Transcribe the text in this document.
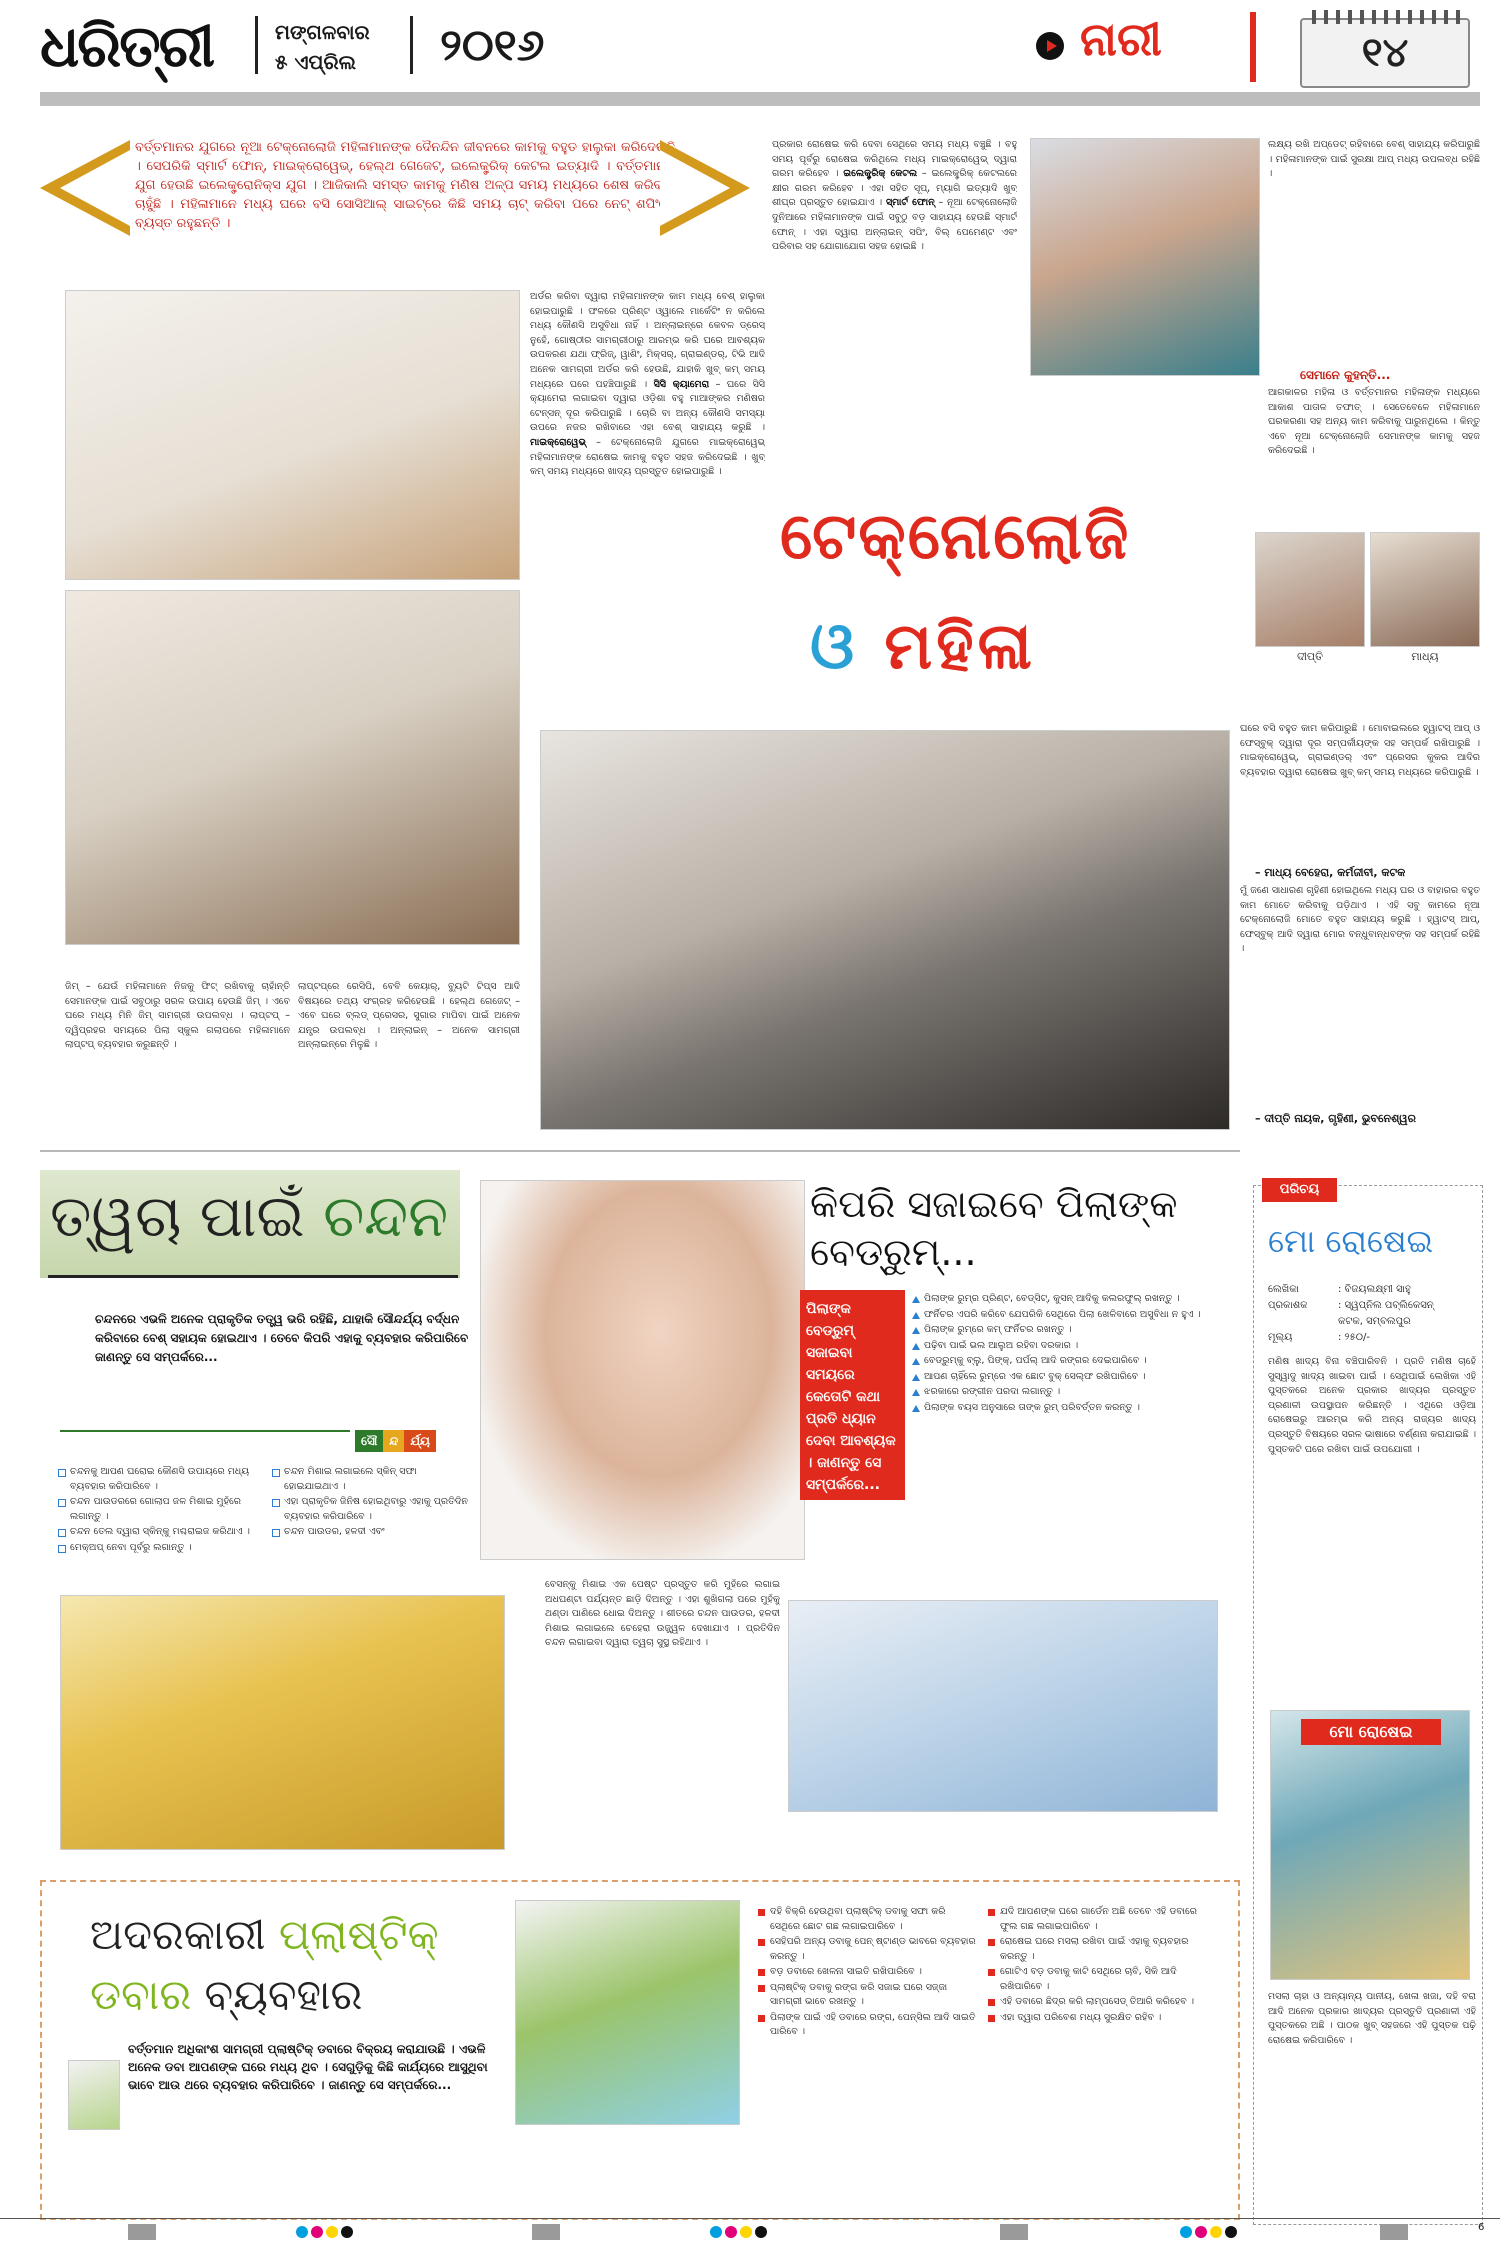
ଧରିତ୍ରୀ	ମଙ୍ଗଳବାର
୫ ଏପ୍ରିଲ ୨୦୧୬	ନାରୀ	୧୪
ବର୍ତ୍ତମାନର ଯୁଗରେ ନୂଆ ଟେକ୍ନୋଲୋଜି ମହିଳାମାନଙ୍କ ଦୈନନ୍ଦିନ ଜୀବନରେ କାମକୁ ବହୁତ ହାଲୁକା କରିଦେଉଛି । ସେପରିକି ସ୍ମାର୍ଟ ଫୋନ୍, ମାଇକ୍ରୋୱେଭ୍, ହେଲ୍ଥ ଗେଜେଟ୍, ଇଲେକ୍ଟ୍ରିକ୍ କେଟଲ ଇତ୍ୟାଦି । ବର୍ତ୍ତମାନର ଯୁଗ ହେଉଛି ଇଲେକ୍ଟ୍ରୋନିକ୍ସ ଯୁଗ । ଆଜିକାଲି ସମସ୍ତ କାମକୁ ମଣିଷ ଅଳ୍ପ ସମୟ ମଧ୍ୟରେ ଶେଷ କରିବାକୁ ଚାହୁଁଛି । ମହିଳାମାନେ ମଧ୍ୟ ଘରେ ବସି ସୋସିଆଲ୍ ସାଇଟ୍‌ରେ କିଛି ସମୟ ଚାଟ୍ କରିବା ପରେ ନେଟ୍ ଶପିଂରେ ବ୍ୟସ୍ତ ରହୁଛନ୍ତି ।
ଅର୍ଡର କରିବା ଦ୍ୱାରା ମହିଳାମାନଙ୍କ କାମ ମଧ୍ୟ ବେଶ୍ ହାଲୁକା ହୋଇପାରୁଛି । ଫଳରେ ପ୍ରିଣ୍ଟ ଓ୍ୱାଲେ ମାର୍କେଟିଂ ନ କରିଲେ ମଧ୍ୟ କୌଣସି ଅସୁବିଧା ନାହିଁ । ଅନ୍‌ଲାଇନ୍‌ରେ କେବଳ ଡ୍ରେସ୍ ନୁହେଁ, ଗୋଷ୍ଠୀର ସାମଗ୍ରୀଠାରୁ ଆରମ୍ଭ କରି ଘରେ ଆବଶ୍ୟକ ଉପକରଣ ଯଥା ଫ୍ରିଜ୍, ୱାଶିଂ, ମିକ୍ସ‌ର୍, ଗ୍ରାଇଣ୍ଡର୍, ଟିଭି ଆଦି ଅନେକ ସାମଗ୍ରୀ ଅର୍ଡର କରି ହେଉଛି, ଯାହାକି ଖୁବ୍ କମ୍ ସମୟ ମଧ୍ୟରେ ଘରେ ପହଞ୍ଚିପାରୁଛି । ସିସି କ୍ୟାମେରା – ଘରେ ସିସି କ୍ୟାମେରା ଲଗାଇବା ଦ୍ୱାରା ଓଡ଼ିଶା ବହୁ ମାଆଙ୍କର ମଣିଷର ଟେନ୍‌ସନ୍ ଦୂର କରିପାରୁଛି । ଚୋରି ବା ଅନ୍ୟ କୌଣସି ସମସ୍ୟା ଉପରେ ନଜର ରଖିବାରେ ଏହା ବେଶ୍ ସାହାଯ୍ୟ କରୁଛି । ମାଇକ୍ରୋୱେଭ୍ – ଟେକ୍ନୋଲୋଜି ଯୁଗରେ ମାଇକ୍ରୋୱେଭ୍ ମହିଳାମାନଙ୍କ ରୋଷେଇ କାମକୁ ବହୁତ ସହଜ କରିଦେଇଛି । ଖୁବ୍ କମ୍ ସମୟ ମଧ୍ୟରେ ଖାଦ୍ୟ ପ୍ରସ୍ତୁତ ହୋଇପାରୁଛି ।
ପ୍ରକାର ରୋଷେଇ କରି ଦେବା ସେଥିରେ ସମୟ ମଧ୍ୟ ବଞ୍ଚୁଛି । ବହୁ ସମୟ ପୂର୍ବରୁ ରୋଷେଇ କରିଥିଲେ ମଧ୍ୟ ମାଇକ୍ରୋୱେଭ୍ ଦ୍ୱାରା ଗରମ କରିହେବ । ଇଲେକ୍ଟ୍ରିକ୍ କେଟଲ – ଇଲେକ୍ଟ୍ରିକ୍ କେଟଲରେ କ୍ଷୀର ଗରମ କରିହେବ । ଏହା ସହିତ ସୂପ୍, ମ୍ୟାଗି ଇତ୍ୟାଦି ଖୁବ୍ ଶୀଘ୍ର ପ୍ରସ୍ତୁତ ହୋଇଯାଏ । ସ୍ମାର୍ଟ ଫୋନ୍ – ନୂଆ ଟେକ୍ନୋଲୋଜି ଦୁନିଆରେ ମହିଳାମାନଙ୍କ ପାଇଁ ସବୁଠୁ ବଡ଼ ସାହାଯ୍ୟ ହେଉଛି ସ୍ମାର୍ଟ ଫୋନ୍ । ଏହା ଦ୍ୱାରା ଅନ୍‌ଲାଇନ୍ ସପିଂ, ବିଲ୍ ପେମେଣ୍ଟ ଏବଂ ପରିବାର ସହ ଯୋଗାଯୋଗ ସହଜ ହୋଇଛି ।
ଲକ୍ଷ୍ୟ ରଖି ଅପ୍‌ଡେଟ୍ ରହିବାରେ ବେଶ୍ ସାହାଯ୍ୟ କରିପାରୁଛି । ମହିଳାମାନଙ୍କ ପାଇଁ ସୁରକ୍ଷା ଆପ୍ ମଧ୍ୟ ଉପଲବ୍ଧ ରହିଛି ।
ସେମାନେ କୁହନ୍ତି...
ଆଗକାଳର ମହିଳା ଓ ବର୍ତ୍ତମାନର ମହିଳାଙ୍କ ମଧ୍ୟରେ ଆକାଶ ପାତାଳ ତଫାତ୍ । ସେତେବେଳେ ମହିଳାମାନେ ଘରକରଣା ସହ ଅନ୍ୟ କାମ କରିବାକୁ ପାରୁନଥିଲେ । କିନ୍ତୁ ଏବେ ନୂଆ ଟେକ୍ନୋଲୋଜି ସେମାନଙ୍କ କାମକୁ ସହଜ କରିଦେଇଛି ।
ଦୀପ୍ତି	ମାଧ୍ୟ
ଟେକ୍ନୋଲୋଜି
ଓ ମହିଳା
ଘରେ ବସି ବହୁତ କାମ କରିପାରୁଛି । ମୋବାଇଲରେ ହ୍ୱାଟସ୍ ଆପ୍ ଓ ଫେସ୍‌ବୁକ୍ ଦ୍ୱାରା ଦୂର ସମ୍ପର୍କୀୟଙ୍କ ସହ ସମ୍ପର୍କ ରଖିପାରୁଛି । ମାଇକ୍ରୋୱେଭ୍, ଗ୍ରାଇଣ୍ଡର୍ ଏବଂ ପ୍ରେସର କୁକର ଆଦିର ବ୍ୟବହାର ଦ୍ୱାରା ରୋଷେଇ ଖୁବ୍ କମ୍ ସମୟ ମଧ୍ୟରେ କରିପାରୁଛି ।
– ମାଧ୍ୟ ବେହେରା, କର୍ମଜୀବୀ, କଟକ
ମୁଁ ଜଣେ ସାଧାରଣ ଗୃହିଣୀ ହୋଇଥିଲେ ମଧ୍ୟ ଘର ଓ ବାହାରର ବହୁତ କାମ ମୋତେ କରିବାକୁ ପଡ଼ିଥାଏ । ଏହି ସବୁ କାମରେ ନୂଆ ଟେକ୍ନୋଲୋଜି ମୋତେ ବହୁତ ସାହାଯ୍ୟ କରୁଛି । ହ୍ୱାଟସ୍ ଆପ୍, ଫେସ୍‌ବୁକ୍ ଆଦି ଦ୍ୱାରା ମୋର ବନ୍ଧୁବାନ୍ଧବଙ୍କ ସହ ସମ୍ପର୍କ ରହିଛି ।
– ଦୀପ୍ତି ନାୟକ, ଗୃହିଣୀ, ଭୁବନେଶ୍ୱର
ଜିମ୍ – ଯେଉଁ ମହିଳାମାନେ ନିଜକୁ ଫିଟ୍ ରଖିବାକୁ ଚାହାଁନ୍ତି ସେମାନଙ୍କ ପାଇଁ ସବୁଠାରୁ ସରଳ ଉପାୟ ହେଉଛି ଜିମ୍ । ଏବେ ଘରେ ମଧ୍ୟ ମିନି ଜିମ୍ ସାମଗ୍ରୀ ଉପଲବ୍ଧ । ଲାପ୍‌ଟପ୍ – ଦ୍ୱିପ୍ରହର ସମୟରେ ପିଲା ସ୍କୁଲ ଗଲାପରେ ମହିଳାମାନେ ଲାପ୍‌ଟପ୍ ବ୍ୟବହାର କରୁଛନ୍ତି ।
ଲାପ୍‌ଟପ୍‌ରେ ରେସିପି, ବେବି କେୟାର୍, ବ୍ୟୁଟି ଟିପ୍ସ ଆଦି ବିଷୟରେ ତଥ୍ୟ ସଂଗ୍ରହ କରିହେଉଛି । ହେଲ୍ଥ ଗେଜେଟ୍ – ଏବେ ଘରେ ବ୍ଲଡ୍ ପ୍ରେସର, ସୁଗାର ମାପିବା ପାଇଁ ଅନେକ ଯନ୍ତ୍ର ଉପଲବ୍ଧ । ଅନ୍‌ଲାଇନ୍ – ଅନେକ ସାମଗ୍ରୀ ଅନ୍‌ଲାଇନ୍‌ରେ ମିଳୁଛି ।
ତ୍ୱଚା ପାଇଁ ଚନ୍ଦନ
ଚନ୍ଦନରେ ଏଭଳି ଅନେକ ପ୍ରାକୃତିକ ତତ୍ତ୍ୱ ଭରି ରହିଛି, ଯାହାକି ସୌନ୍ଦର୍ଯ୍ୟ ବର୍ଦ୍ଧନ କରିବାରେ ବେଶ୍ ସହାୟକ ହୋଇଥାଏ । ତେବେ କିପରି ଏହାକୁ ବ୍ୟବହାର କରିପାରିବେ ଜାଣନ୍ତୁ ସେ ସମ୍ପର୍କରେ...
ସୌ	ନ୍ଦ	ର୍ଯ୍ୟ
ଚନ୍ଦନକୁ ଆପଣ ଘରୋଇ କୌଣସି ଉପାୟରେ ମଧ୍ୟ ବ୍ୟବହାର କରିପାରିବେ ।
ଚନ୍ଦନ ପାଉଡରରେ ଗୋଲାପ ଜଳ ମିଶାଇ ମୁହଁରେ ଲଗାନ୍ତୁ ।
ଚନ୍ଦନ ତେଲ ଦ୍ୱାରା ସ୍କିନ୍‌କୁ ମଶ୍ଚରାଇଜ କରିଥାଏ ।
ମେକ୍‌ଅପ୍ ନେବା ପୂର୍ବରୁ ଲଗାନ୍ତୁ ।
ଚନ୍ଦନ ମିଶାଇ ଲଗାଇଲେ ସ୍କିନ୍ ସଫା ହୋଇଯାଇଥାଏ ।
ଏହା ପ୍ରାକୃତିକ ଜିନିଷ ହୋଇଥିବାରୁ ଏହାକୁ ପ୍ରତିଦିନ ବ୍ୟବହାର କରିପାରିବେ ।
ଚନ୍ଦନ ପାଉଡର, ହଳଦୀ ଏବଂ
ବେସନ୍‌କୁ ମିଶାଇ ଏକ ପେଷ୍ଟ ପ୍ରସ୍ତୁତ କରି ମୁହଁରେ ଲଗାଇ ଅଧଘଣ୍ଟା ପର୍ଯ୍ୟନ୍ତ ଛାଡ଼ି ଦିଅନ୍ତୁ । ଏହା ଶୁଖିଗଲା ପରେ ମୁହଁକୁ ଥଣ୍ଡା ପାଣିରେ ଧୋଇ ଦିଅନ୍ତୁ । ଶୀତରେ ଚନ୍ଦନ ପାଉଡର, ହଳଦୀ ମିଶାଇ ଲଗାଇଲେ ଚେହେରା ଉଜ୍ଜ୍ୱଳ ଦେଖାଯାଏ । ପ୍ରତିଦିନ ଚନ୍ଦନ ଲଗାଇବା ଦ୍ୱାରା ତ୍ୱଚା ସୁସ୍ଥ ରହିଥାଏ ।
କିପରି ସଜାଇବେ ପିଲାଙ୍କ ବେଡ୍‌ରୁମ୍...
ପିଲାଙ୍କ ବେଡ୍‌ରୁମ୍ ସଜାଇବା ସମୟରେ କେତୋଟି କଥା ପ୍ରତି ଧ୍ୟାନ ଦେବା ଆବଶ୍ୟକ । ଜାଣନ୍ତୁ ସେ ସମ୍ପର୍କରେ...
ପିଲାଙ୍କ ରୁମ୍‌ର ପ୍ରିଣ୍ଟ, ବେଡ୍‌ସିଟ୍, କୁସନ୍ ଆଦିକୁ କଲରଫୁଲ୍ ରଖନ୍ତୁ ।
ଫର୍ନିଚର ଏପରି କରିବେ ଯେପରିକି ସେଥିରେ ପିଲା ଖେଳିବାରେ ଅସୁବିଧା ନ ହୁଏ ।
ପିଲାଙ୍କ ରୁମ୍‌ରେ କମ୍ ଫର୍ନିଚର ରଖନ୍ତୁ ।
ପଢ଼ିବା ପାଇଁ ଭଲ ଆଲୁଅ ରହିବା ଦରକାର ।
ବେଡ୍‌ରୁମ୍‌କୁ ବ୍ଲୁ, ପିଙ୍କ୍, ପର୍ପଲ୍ ଆଦି ରଙ୍ଗର ଦେଇପାରିବେ ।
ଆପଣ ଚାହିଁଲେ ରୁମ୍‌ରେ ଏକ ଛୋଟ ବୁକ୍ ସେଲ୍ଫ ରଖିପାରିବେ ।
ଝରକାରେ ରଙ୍ଗୀନ ପରଦା ଲଗାନ୍ତୁ ।
ପିଲାଙ୍କ ବୟସ ଅନୁସାରେ ତାଙ୍କ ରୁମ୍ ପରିବର୍ତ୍ତନ କରନ୍ତୁ ।
ପରିଚୟ
ମୋ ରୋଷେଇ
ଲେଖିକା	: ବିଜୟଲକ୍ଷ୍ମୀ ସାହୁ
ପ୍ରକାଶକ	: ସ୍ୱପ୍ନିଲ ପବ୍ଲିକେସନ୍
କଟକ, ସମ୍ବଲପୁର
ମୂଲ୍ୟ	: ୨୫୦/-
ମଣିଷ ଖାଦ୍ୟ ବିନା ବଞ୍ଚିପାରିବନି । ପ୍ରତି ମଣିଷ ଚାହେଁ ସୁସ୍ୱାଦୁ ଖାଦ୍ୟ ଖାଇବା ପାଇଁ । ସେଥିପାଇଁ ଲେଖିକା ଏହି ପୁସ୍ତକରେ ଅନେକ ପ୍ରକାର ଖାଦ୍ୟର ପ୍ରସ୍ତୁତ ପ୍ରଣାଳୀ ଉପସ୍ଥାପନ କରିଛନ୍ତି । ଏଥିରେ ଓଡ଼ିଆ ରୋଷେଇରୁ ଆରମ୍ଭ କରି ଅନ୍ୟ ରାଜ୍ୟର ଖାଦ୍ୟ ପ୍ରସ୍ତୁତି ବିଷୟରେ ସରଳ ଭାଷାରେ ବର୍ଣ୍ଣନା କରାଯାଇଛି । ପୁସ୍ତକଟି ଘରେ ରଖିବା ପାଇଁ ଉପଯୋଗୀ ।
ମୋ ରୋଷେଇ
ମସଲା ଚାହା ଓ ଅନ୍ୟାନ୍ୟ ପାନୀୟ, ଖେଳା ଖଜା, ଦହି ବରା ଆଦି ଅନେକ ପ୍ରକାର ଖାଦ୍ୟର ପ୍ରସ୍ତୁତି ପ୍ରଣାଳୀ ଏହି ପୁସ୍ତକରେ ଅଛି । ପାଠକ ଖୁବ୍ ସହଜରେ ଏହି ପୁସ୍ତକ ପଢ଼ି ରୋଷେଇ କରିପାରିବେ ।
ଅଦରକାରୀ ପ୍ଲାଷ୍ଟିକ୍
ଡବାର ବ୍ୟବହାର
ବର୍ତ୍ତମାନ ଅଧିକାଂଶ ସାମଗ୍ରୀ ପ୍ଲାଷ୍ଟିକ୍ ଡବାରେ ବିକ୍ରୟ କରାଯାଉଛି । ଏଭଳି ଅନେକ ଡବା ଆପଣଙ୍କ ଘରେ ମଧ୍ୟ ଥିବ । ସେଗୁଡ଼ିକୁ କିଛି କାର୍ଯ୍ୟରେ ଆସୁଥିବା ଭାବେ ଆଉ ଥରେ ବ୍ୟବହାର କରିପାରିବେ । ଜାଣନ୍ତୁ ସେ ସମ୍ପର୍କରେ...
ଦହି ବିକ୍ରି ହେଉଥିବା ପ୍ଲାଷ୍ଟିକ୍ ଡବାକୁ ସଫା କରି ସେଥିରେ ଛୋଟ ଗଛ ଲଗାଇପାରିବେ ।
ସେହିପରି ଅନ୍ୟ ଡବାକୁ ପେନ୍ ଷ୍ଟାଣ୍ଡ ଭାବରେ ବ୍ୟବହାର କରନ୍ତୁ ।
ବଡ଼ ଡବାରେ ଖେଳନା ସାଇତି ରଖିପାରିବେ ।
ପ୍ଲାଷ୍ଟିକ୍ ଡବାକୁ ରଙ୍ଗ କରି ସଜାଇ ଘରେ ସଜ୍ଜା ସାମଗ୍ରୀ ଭାବେ ରଖନ୍ତୁ ।
ପିଲାଙ୍କ ପାଇଁ ଏହି ଡବାରେ ରଙ୍ଗ, ପେନ୍‌ସିଲ ଆଦି ସାଇତି ପାରିବେ ।
ଯଦି ଆପଣଙ୍କ ଘରେ ଗାର୍ଡେନ ଅଛି ତେବେ ଏହି ଡବାରେ ଫୁଲ ଗଛ ଲଗାଇପାରିବେ ।
ରୋଷେଇ ଘରେ ମସଲା ରଖିବା ପାଇଁ ଏହାକୁ ବ୍ୟବହାର କରନ୍ତୁ ।
ଗୋଟିଏ ବଡ଼ ଡବାକୁ କାଟି ସେଥିରେ ଚାବି, ସିକି ଆଦି ରଖିପାରିବେ ।
ଏହି ଡବାରେ ଛିଦ୍ର କରି ଲାମ୍ପସେଡ୍ ତିଆରି କରିହେବ ।
ଏହା ଦ୍ୱାରା ପରିବେଶ ମଧ୍ୟ ସୁରକ୍ଷିତ ରହିବ ।
6
